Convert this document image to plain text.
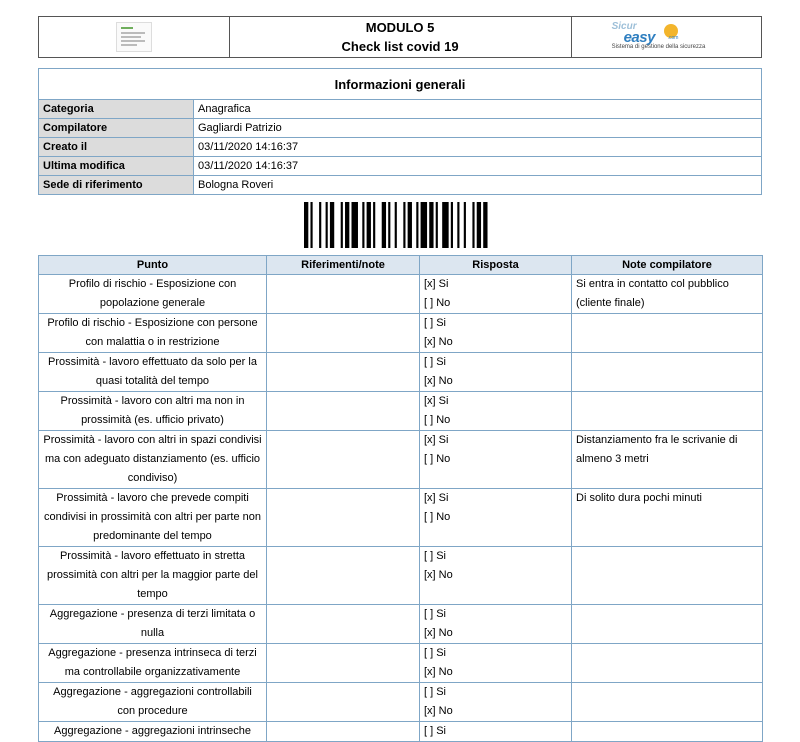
MODULO 5
Check list covid 19

Sicur
easy	.com
Sistema di gestione della sicurezza
Informazioni generali	
Categoria	Anagrafica
Compilatore	Gagliardi Patrizio
Creato il	03/11/2020 14:16:37
Ultima modifica	03/11/2020 14:16:37
Sede di riferimento	Bologna Roveri
Punto	Riferimenti/note	Risposta	Note compilatore
Profilo di rischio - Esposizione con popolazione generale		[x] Si
[ ] No	Si entra in contatto col pubblico (cliente finale)
Profilo di rischio - Esposizione con persone con malattia o in restrizione		[ ] Si
[x] No	

Prossimità - lavoro effettuato da solo per la quasi totalità del tempo		[ ] Si
[x] No	

Prossimità - lavoro con altri ma non in prossimità (es. ufficio privato)		[x] Si
[ ] No	

Prossimità - lavoro con altri in spazi condivisi ma con adeguato distanziamento (es. ufficio condiviso)		[x] Si
[ ] No	Distanziamento fra le scrivanie di almeno 3 metri
Prossimità - lavoro che prevede compiti condivisi in prossimità con altri per parte non predominante del tempo		[x] Si
[ ] No	Di solito dura pochi minuti
Prossimità - lavoro effettuato in stretta prossimità con altri per la maggior parte del tempo		[ ] Si
[x] No	

Aggregazione - presenza di terzi limitata o nulla		[ ] Si
[x] No	

Aggregazione - presenza intrinseca di terzi ma controllabile organizzativamente		[ ] Si
[x] No	

Aggregazione - aggregazioni controllabili con procedure		[ ] Si
[x] No	

Aggregazione - aggregazioni intrinseche		[ ] Si	
